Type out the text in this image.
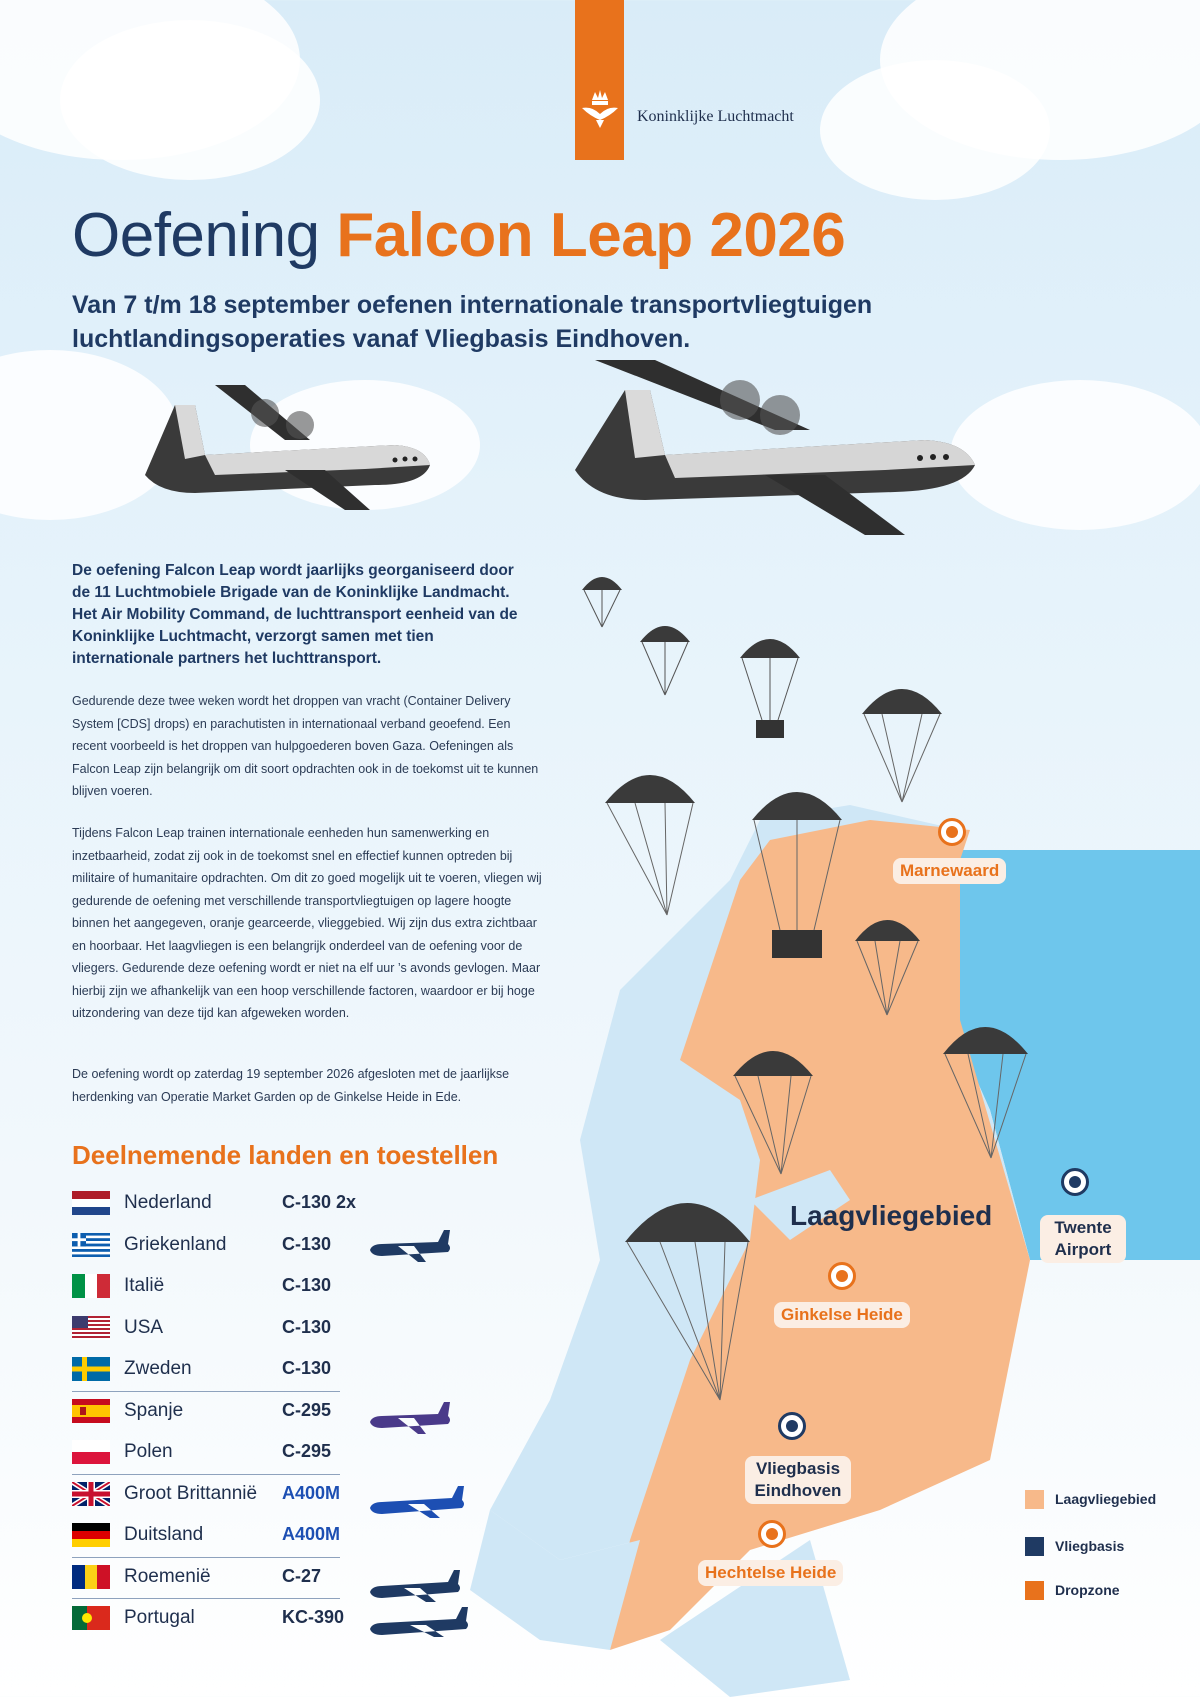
Koninklijke Luchtmacht
Oefening Falcon Leap 2026
Van 7 t/m 18 september oefenen internationale transportvliegtuigen luchtlandingsoperaties vanaf Vliegbasis Eindhoven.
De oefening Falcon Leap wordt jaarlijks georganiseerd door de 11 Luchtmobiele Brigade van de Koninklijke Landmacht. Het Air Mobility Command, de luchttransport eenheid van de Koninklijke Luchtmacht, verzorgt samen met tien internationale partners het luchttransport.
Gedurende deze twee weken wordt het droppen van vracht (Container Delivery System [CDS] drops) en parachutisten in internationaal verband geoefend. Een recent voorbeeld is het droppen van hulpgoederen boven Gaza. Oefeningen als Falcon Leap zijn belangrijk om dit soort opdrachten ook in de toekomst uit te kunnen blijven voeren.
Tijdens Falcon Leap trainen internationale eenheden hun samenwerking en inzetbaarheid, zodat zij ook in de toekomst snel en effectief kunnen optreden bij militaire of humanitaire opdrachten. Om dit zo goed mogelijk uit te voeren, vliegen wij gedurende de oefening met verschillende transportvliegtuigen op lagere hoogte binnen het aangegeven, oranje gearceerde, vlieggebied. Wij zijn dus extra zichtbaar en hoorbaar. Het laagvliegen is een belangrijk onderdeel van de oefening voor de vliegers. Gedurende deze oefening wordt er niet na elf uur ’s avonds gevlogen. Maar hierbij zijn we afhankelijk van een hoop verschillende factoren, waardoor er bij hoge uitzondering van deze tijd kan afgeweken worden.
De oefening wordt op zaterdag 19 september 2026 afgesloten met de jaarlijkse herdenking van Operatie Market Garden op de Ginkelse Heide in Ede.
Marnewaard
Twente Airport
Laagvliegebied
Ginkelse Heide
Vliegbasis Eindhoven
Hechtelse Heide
Laagvliegebied
Vliegbasis
Dropzone
Deelnemende landen en toestellen
Nederland	C-130 2x
Griekenland	C-130
Italië	C-130
USA	C-130
Zweden	C-130
Spanje	C-295
Polen	C-295
Groot Brittannië A400M
Duitsland	A400M
Roemenië	C-27
Portugal	KC-390
